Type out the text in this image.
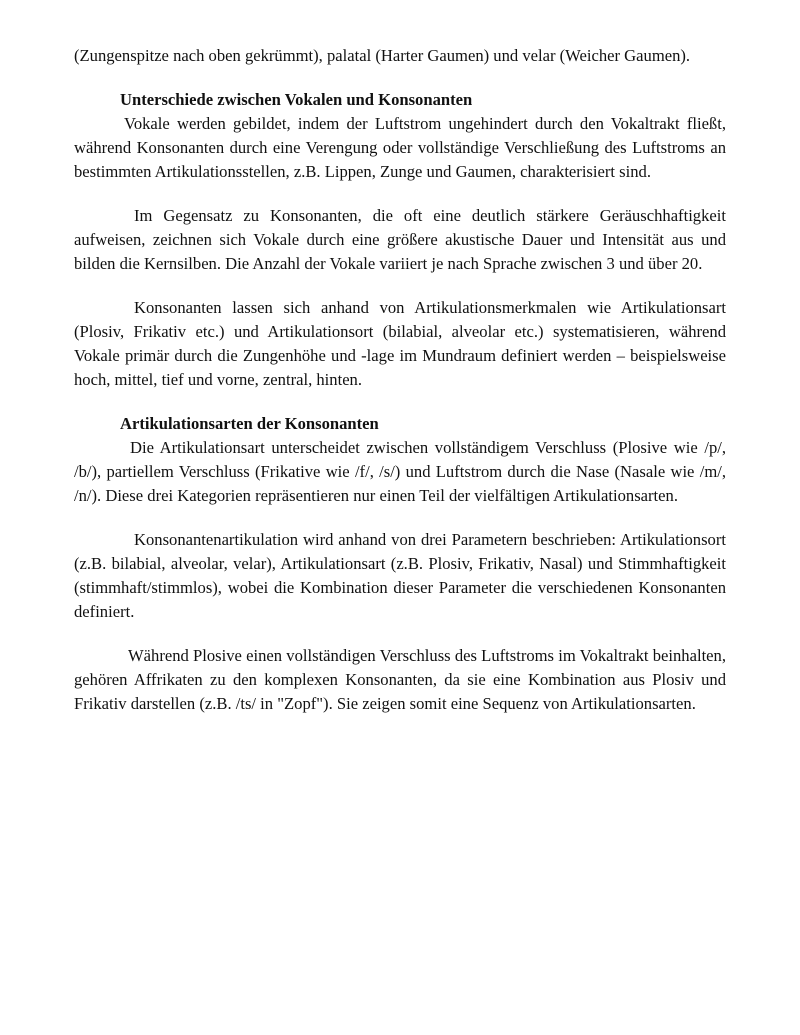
(Zungenspitze nach oben gekrümmt), palatal (Harter Gaumen) und velar (Weicher Gaumen).

Unterschiede zwischen Vokalen und Konsonanten

Vokale werden gebildet, indem der Luftstrom ungehindert durch den Vokaltrakt fließt, während Konsonanten durch eine Verengung oder vollständige Verschließung des Luftstroms an bestimmten Artikulationsstellen, z.B. Lippen, Zunge und Gaumen, charakterisiert sind.

Im Gegensatz zu Konsonanten, die oft eine deutlich stärkere Geräuschhaftigkeit aufweisen, zeichnen sich Vokale durch eine größere akustische Dauer und Intensität aus und bilden die Kernsilben. Die Anzahl der Vokale variiert je nach Sprache zwischen 3 und über 20.

Konsonanten lassen sich anhand von Artikulationsmerkmalen wie Artikulationsart (Plosiv, Frikativ etc.) und Artikulationsort (bilabial, alveolar etc.) systematisieren, während Vokale primär durch die Zungenhöhe und -lage im Mundraum definiert werden – beispielsweise hoch, mittel, tief und vorne, zentral, hinten.

Artikulationsarten der Konsonanten

Die Artikulationsart unterscheidet zwischen vollständigem Verschluss (Plosive wie /p/, /b/), partiellem Verschluss (Frikative wie /f/, /s/) und Luftstrom durch die Nase (Nasale wie /m/, /n/). Diese drei Kategorien repräsentieren nur einen Teil der vielfältigen Artikulationsarten.

Konsonantenartikulation wird anhand von drei Parametern beschrieben: Artikulationsort (z.B. bilabial, alveolar, velar), Artikulationsart (z.B. Plosiv, Frikativ, Nasal) und Stimmhaftigkeit (stimmhaft/stimmlos), wobei die Kombination dieser Parameter die verschiedenen Konsonanten definiert.

Während Plosive einen vollständigen Verschluss des Luftstroms im Vokaltrakt beinhalten, gehören Affrikaten zu den komplexen Konsonanten, da sie eine Kombination aus Plosiv und Frikativ darstellen (z.B. /ts/ in "Zopf"). Sie zeigen somit eine Sequenz von Artikulationsarten.
